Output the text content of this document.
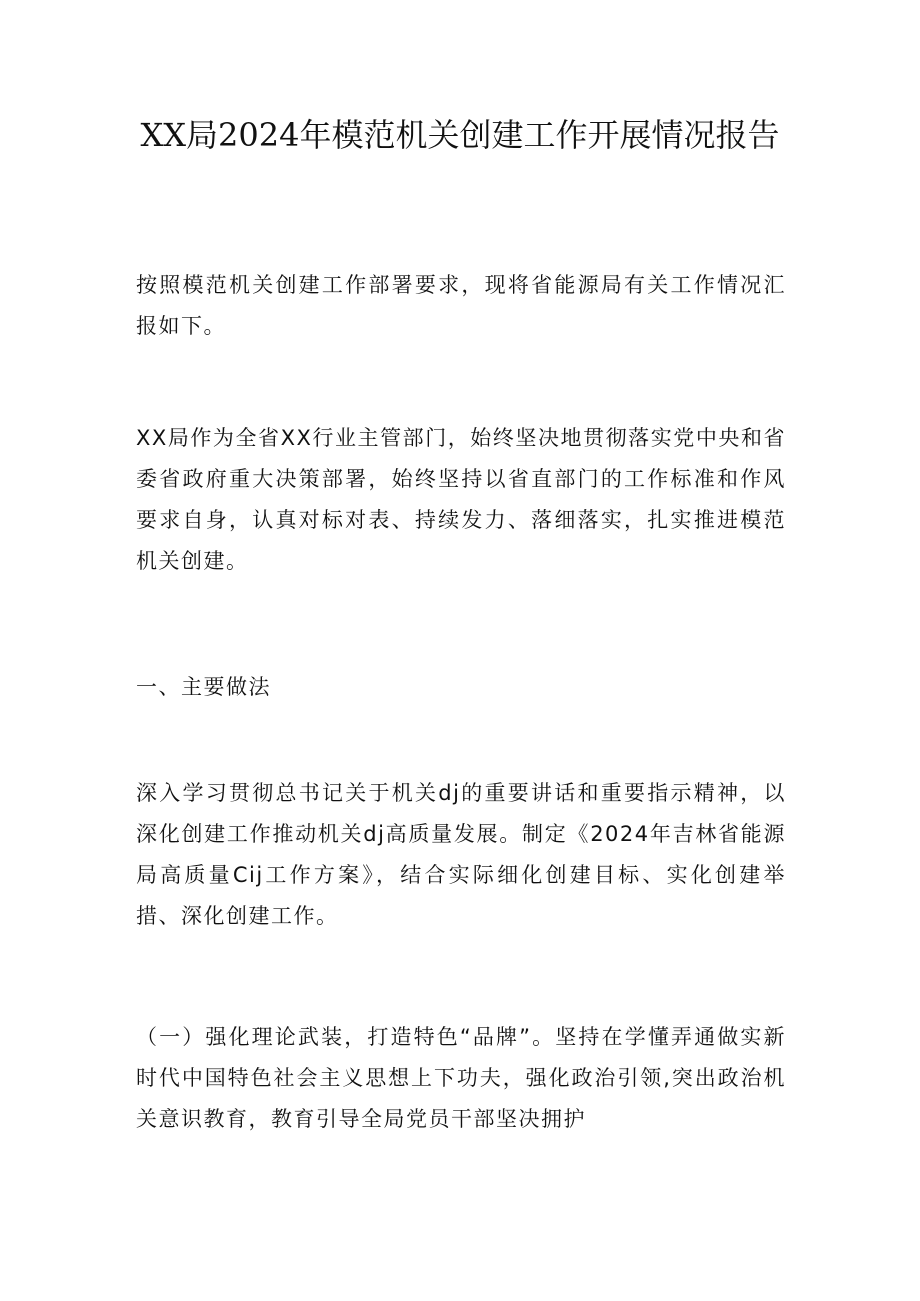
XX局2024年模范机关创建工作开展情况报告

按照模范机关创建工作部署要求，现将省能源局有关工作情况汇报如下。

XX局作为全省XX行业主管部门，始终坚决地贯彻落实党中央和省委省政府重大决策部署，始终坚持以省直部门的工作标准和作风要求自身，认真对标对表、持续发力、落细落实，扎实推进模范机关创建。

一、主要做法

深入学习贯彻总书记关于机关dj的重要讲话和重要指示精神，以深化创建工作推动机关dj高质量发展。制定《2024年吉林省能源局高质量Cij工作方案》，结合实际细化创建目标、实化创建举措、深化创建工作。

（一）强化理论武装，打造特色“品牌”。坚持在学懂弄通做实新时代中国特色社会主义思想上下功夫，强化政治引领,突出政治机关意识教育，教育引导全局党员干部坚决拥护
